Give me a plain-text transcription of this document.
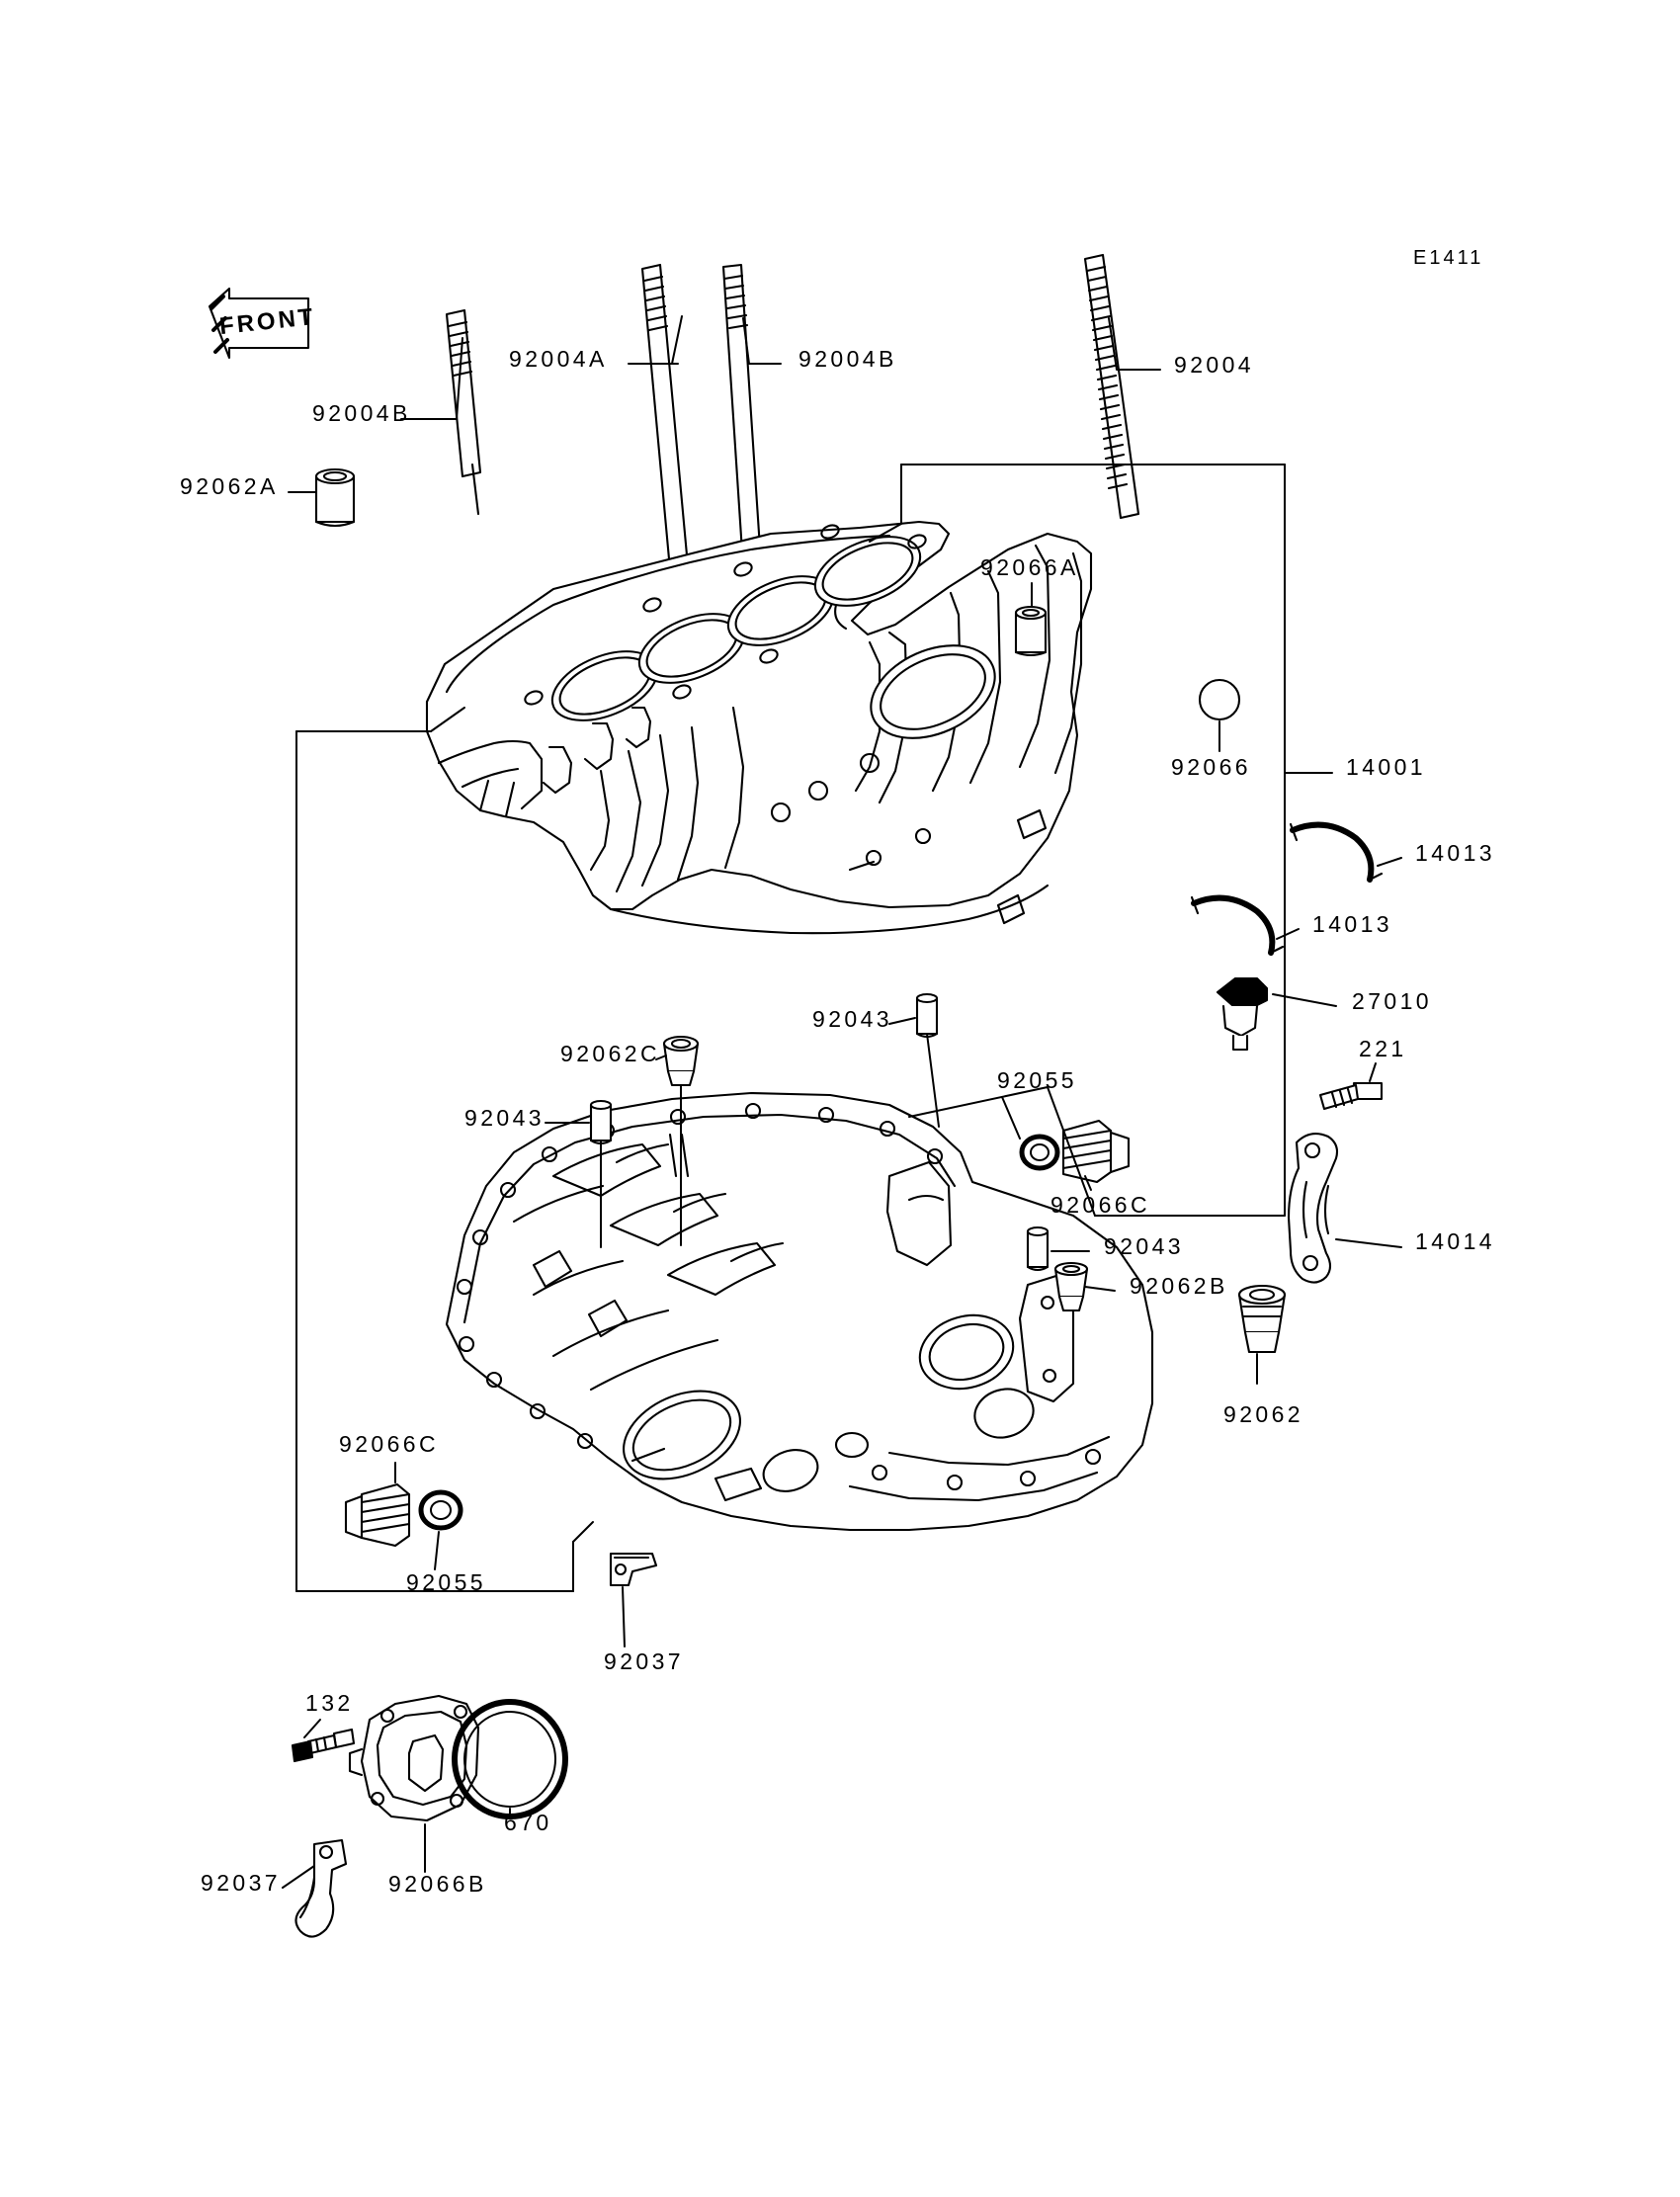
FRONT
E1411
92004A	92004B	92004
92004B
92062A
92066A
92066	14001
14013
14013
27010
221
92043
92062C
92055
92043
92066C
14014
92043
92062B
92062
92066C
92055
92037
132
670
92037	92066B
